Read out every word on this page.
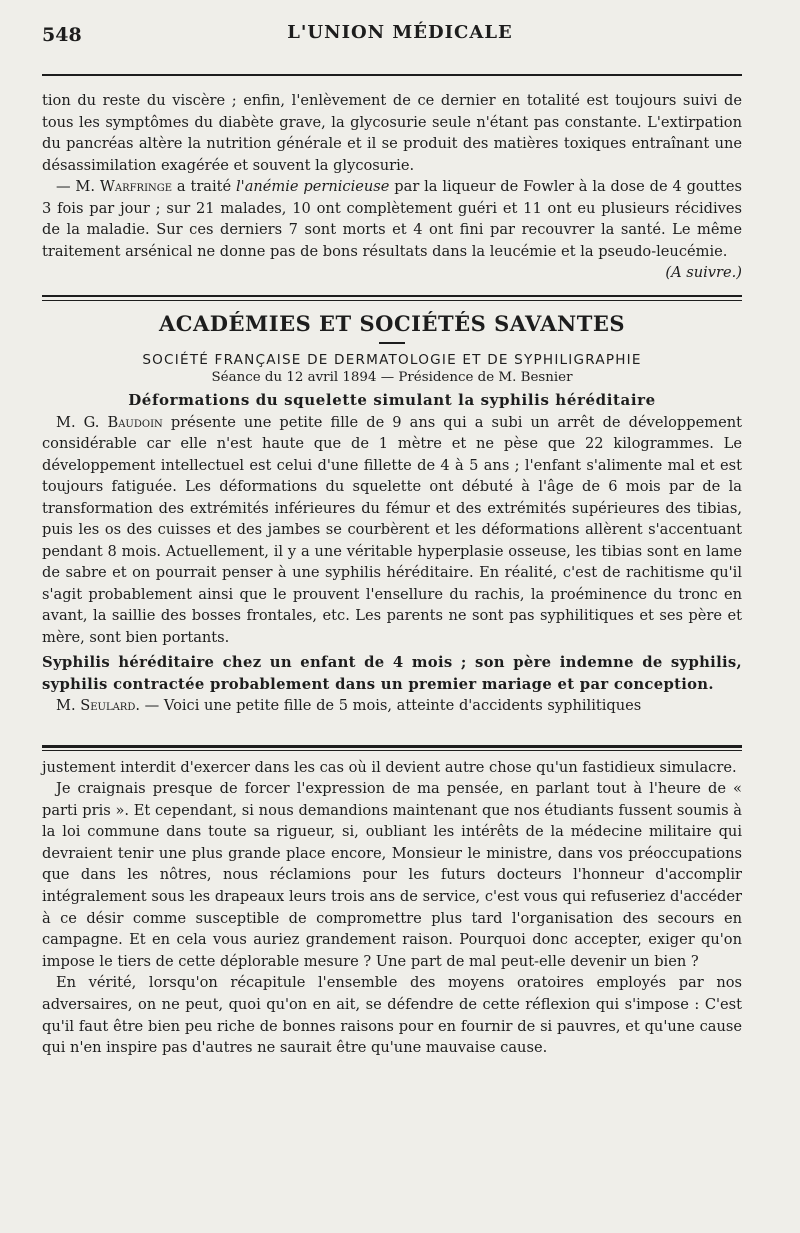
548	L'UNION MÉDICALE

tion du reste du viscère ; enfin, l'enlèvement de ce dernier en totalité est toujours suivi de tous les symptômes du diabète grave, la glycosurie seule n'étant pas constante. L'extirpation du pancréas altère la nutrition générale et il se produit des matières toxiques entraînant une désassimilation exagérée et souvent la glycosurie.

— M. Warfringe a traité l'anémie pernicieuse par la liqueur de Fowler à la dose de 4 gouttes 3 fois par jour ; sur 21 malades, 10 ont complètement guéri et 11 ont eu plusieurs récidives de la maladie. Sur ces derniers 7 sont morts et 4 ont fini par recouvrer la santé. Le même traitement arsénical ne donne pas de bons résultats dans la leucémie et la pseudo-leucémie.

(A suivre.)

ACADÉMIES ET SOCIÉTÉS SAVANTES
SOCIÉTÉ FRANÇAISE DE DERMATOLOGIE ET DE SYPHILIGRAPHIE
Séance du 12 avril 1894 — Présidence de M. Besnier
Déformations du squelette simulant la syphilis héréditaire

M. G. Baudoin présente une petite fille de 9 ans qui a subi un arrêt de développement considérable car elle n'est haute que de 1 mètre et ne pèse que 22 kilogrammes. Le développement intellectuel est celui d'une fillette de 4 à 5 ans ; l'enfant s'alimente mal et est toujours fatiguée. Les déformations du squelette ont débuté à l'âge de 6 mois par de la transformation des extrémités inférieures du fémur et des extrémités supérieures des tibias, puis les os des cuisses et des jambes se courbèrent et les déformations allèrent s'accentuant pendant 8 mois. Actuellement, il y a une véritable hyperplasie osseuse, les tibias sont en lame de sabre et on pourrait penser à une syphilis héréditaire. En réalité, c'est de rachitisme qu'il s'agit probablement ainsi que le prouvent l'ensellure du rachis, la proéminence du tronc en avant, la saillie des bosses frontales, etc. Les parents ne sont pas syphilitiques et ses père et mère, sont bien portants.

Syphilis héréditaire chez un enfant de 4 mois ; son père indemne de syphilis, syphilis contractée probablement dans un premier mariage et par conception.

M. Seulard. — Voici une petite fille de 5 mois, atteinte d'accidents syphilitiques

justement interdit d'exercer dans les cas où il devient autre chose qu'un fastidieux simulacre.

Je craignais presque de forcer l'expression de ma pensée, en parlant tout à l'heure de « parti pris ». Et cependant, si nous demandions maintenant que nos étudiants fussent soumis à la loi commune dans toute sa rigueur, si, oubliant les intérêts de la médecine militaire qui devraient tenir une plus grande place encore, Monsieur le ministre, dans vos préoccupations que dans les nôtres, nous réclamions pour les futurs docteurs l'honneur d'accomplir intégralement sous les drapeaux leurs trois ans de service, c'est vous qui refuseriez d'accéder à ce désir comme susceptible de compromettre plus tard l'organisation des secours en campagne. Et en cela vous auriez grandement raison. Pourquoi donc accepter, exiger qu'on impose le tiers de cette déplorable mesure ? Une part de mal peut-elle devenir un bien ?

En vérité, lorsqu'on récapitule l'ensemble des moyens oratoires employés par nos adversaires, on ne peut, quoi qu'on en ait, se défendre de cette réflexion qui s'impose : C'est qu'il faut être bien peu riche de bonnes raisons pour en fournir de si pauvres, et qu'une cause qui n'en inspire pas d'autres ne saurait être qu'une mauvaise cause.
